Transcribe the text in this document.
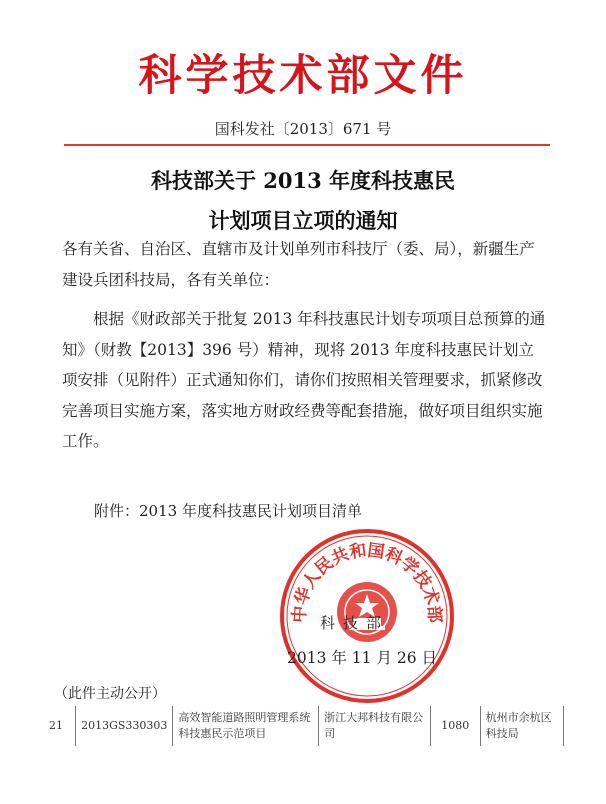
科学技术部文件
国科发社〔2013〕671 号
科技部关于 2013 年度科技惠民
计划项目立项的通知
各有关省、自治区、直辖市及计划单列市科技厅（委、局），新疆生产建设兵团科技局，各有关单位：
根据《财政部关于批复 2013 年科技惠民计划专项项目总预算的通知》（财教【2013】396 号）精神，现将 2013 年度科技惠民计划立项安排（见附件）正式通知你们，请你们按照相关管理要求，抓紧修改完善项目实施方案，落实地方财政经费等配套措施，做好项目组织实施工作。
附件：2013 年度科技惠民计划项目清单
中华人民共和国科学技术部
科技部
2013 年 11 月 26 日
（此件主动公开）
21	2013GS330303	高效智能道路照明管理系统科技惠民示范项目	浙江大邦科技有限公司	1080	杭州市余杭区科技局
